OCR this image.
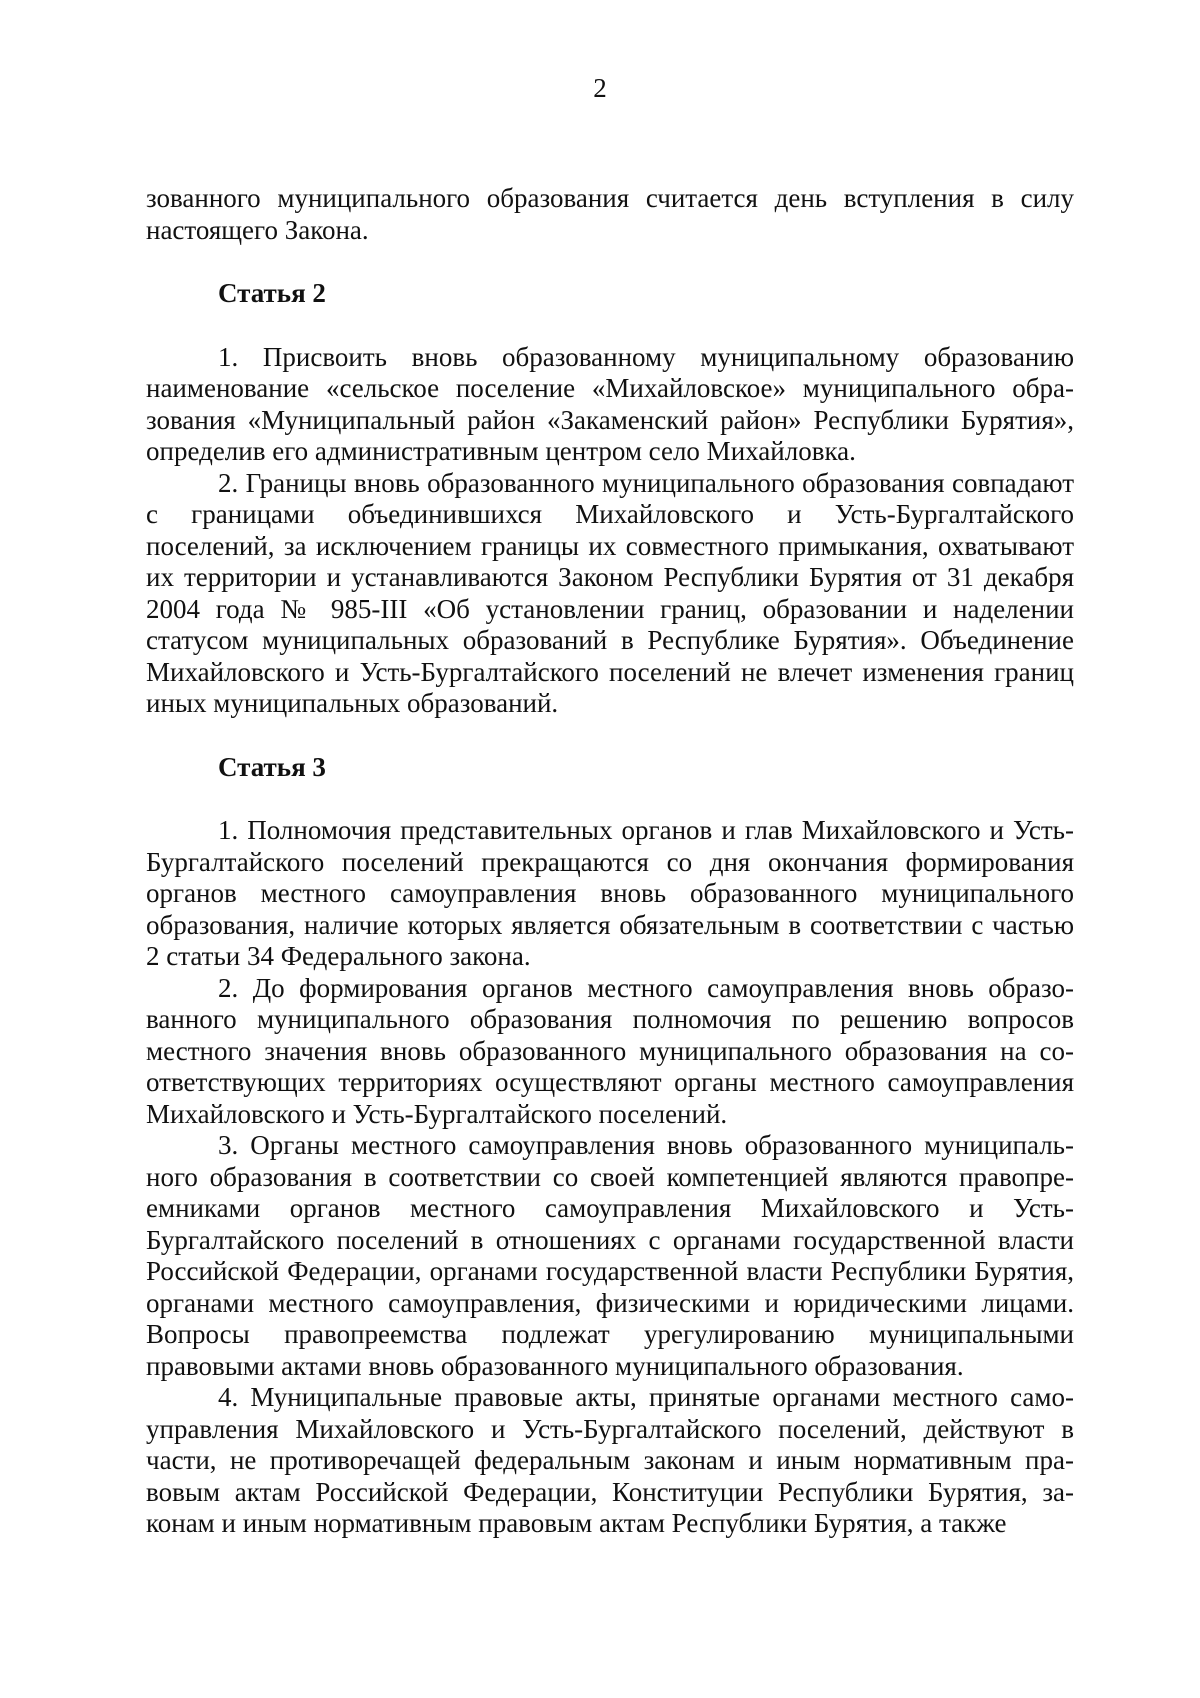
2

зованного муниципального образования считается день вступления в силу настоящего Закона.

Статья 2

1. Присвоить вновь образованному муниципальному образованию наименование «сельское поселение «Михайловское» муниципального образования «Муниципальный район «Закаменский район» Республики Бурятия», определив его административным центром село Михайловка.

2. Границы вновь образованного муниципального образования совпадают с границами объединившихся Михайловского и Усть-Бургалтайского поселений, за исключением границы их совместного примыкания, охватывают их территории и устанавливаются Законом Республики Бурятия от 31 декабря 2004 года № 985-III «Об установлении границ, образовании и наделении статусом муниципальных образований в Республике Бурятия». Объединение Михайловского и Усть-Бургалтайского поселений не влечет изменения границ иных муниципальных образований.

Статья 3

1. Полномочия представительных органов и глав Михайловского и Усть-Бургалтайского поселений прекращаются со дня окончания формирования органов местного самоуправления вновь образованного муниципального образования, наличие которых является обязательным в соответствии с частью 2 статьи 34 Федерального закона.

2. До формирования органов местного самоуправления вновь образованного муниципального образования полномочия по решению вопросов местного значения вновь образованного муниципального образования на соответствующих территориях осуществляют органы местного самоуправления Михайловского и Усть-Бургалтайского поселений.

3. Органы местного самоуправления вновь образованного муниципального образования в соответствии со своей компетенцией являются правопреемниками органов местного самоуправления Михайловского и Усть-Бургалтайского поселений в отношениях с органами государственной власти Российской Федерации, органами государственной власти Республики Бурятия, органами местного самоуправления, физическими и юридическими лицами. Вопросы правопреемства подлежат урегулированию муниципальными правовыми актами вновь образованного муниципального образования.

4. Муниципальные правовые акты, принятые органами местного самоуправления Михайловского и Усть-Бургалтайского поселений, действуют в части, не противоречащей федеральным законам и иным нормативным правовым актам Российской Федерации, Конституции Республики Бурятия, законам и иным нормативным правовым актам Республики Бурятия, а также
